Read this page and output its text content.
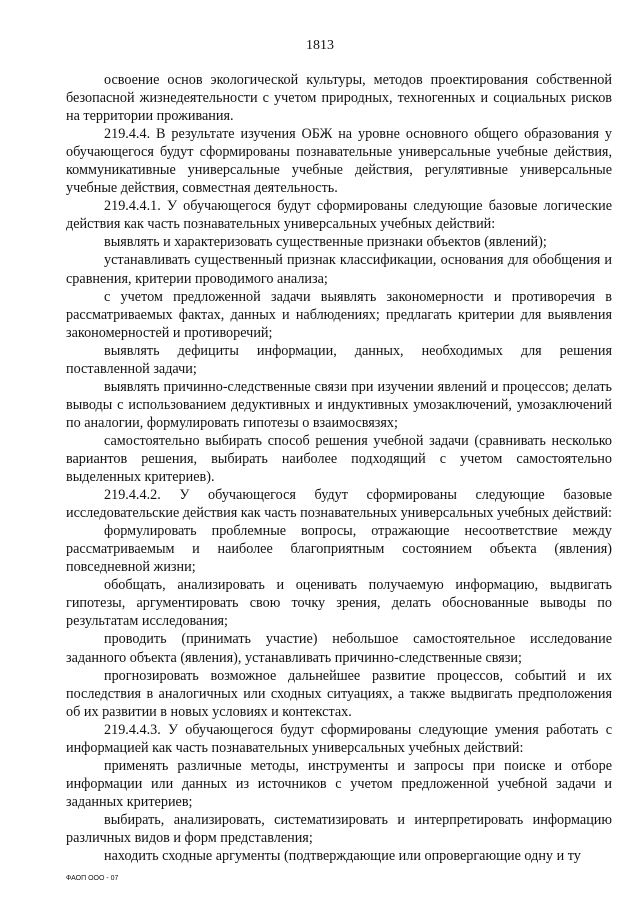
1813

освоение основ экологической культуры, методов проектирования собственной безопасной жизнедеятельности с учетом природных, техногенных и социальных рисков на территории проживания.

219.4.4. В результате изучения ОБЖ на уровне основного общего образования у обучающегося будут сформированы познавательные универсальные учебные действия, коммуникативные универсальные учебные действия, регулятивные универсальные учебные действия, совместная деятельность.

219.4.4.1. У обучающегося будут сформированы следующие базовые логические действия как часть познавательных универсальных учебных действий:

выявлять и характеризовать существенные признаки объектов (явлений);

устанавливать существенный признак классификации, основания для обобщения и сравнения, критерии проводимого анализа;

с учетом предложенной задачи выявлять закономерности и противоречия в рассматриваемых фактах, данных и наблюдениях; предлагать критерии для выявления закономерностей и противоречий;

выявлять дефициты информации, данных, необходимых для решения поставленной задачи;

выявлять причинно-следственные связи при изучении явлений и процессов; делать выводы с использованием дедуктивных и индуктивных умозаключений, умозаключений по аналогии, формулировать гипотезы о взаимосвязях;

самостоятельно выбирать способ решения учебной задачи (сравнивать несколько вариантов решения, выбирать наиболее подходящий с учетом самостоятельно выделенных критериев).

219.4.4.2. У обучающегося будут сформированы следующие базовые исследовательские действия как часть познавательных универсальных учебных действий:

формулировать проблемные вопросы, отражающие несоответствие между рассматриваемым и наиболее благоприятным состоянием объекта (явления) повседневной жизни;

обобщать, анализировать и оценивать получаемую информацию, выдвигать гипотезы, аргументировать свою точку зрения, делать обоснованные выводы по результатам исследования;

проводить (принимать участие) небольшое самостоятельное исследование заданного объекта (явления), устанавливать причинно-следственные связи;

прогнозировать возможное дальнейшее развитие процессов, событий и их последствия в аналогичных или сходных ситуациях, а также выдвигать предположения об их развитии в новых условиях и контекстах.

219.4.4.3. У обучающегося будут сформированы следующие умения работать с информацией как часть познавательных универсальных учебных действий:

применять различные методы, инструменты и запросы при поиске и отборе информации или данных из источников с учетом предложенной учебной задачи и заданных критериев;

выбирать, анализировать, систематизировать и интерпретировать информацию различных видов и форм представления;

находить сходные аргументы (подтверждающие или опровергающие одну и ту

ФАОП ООО - 07
